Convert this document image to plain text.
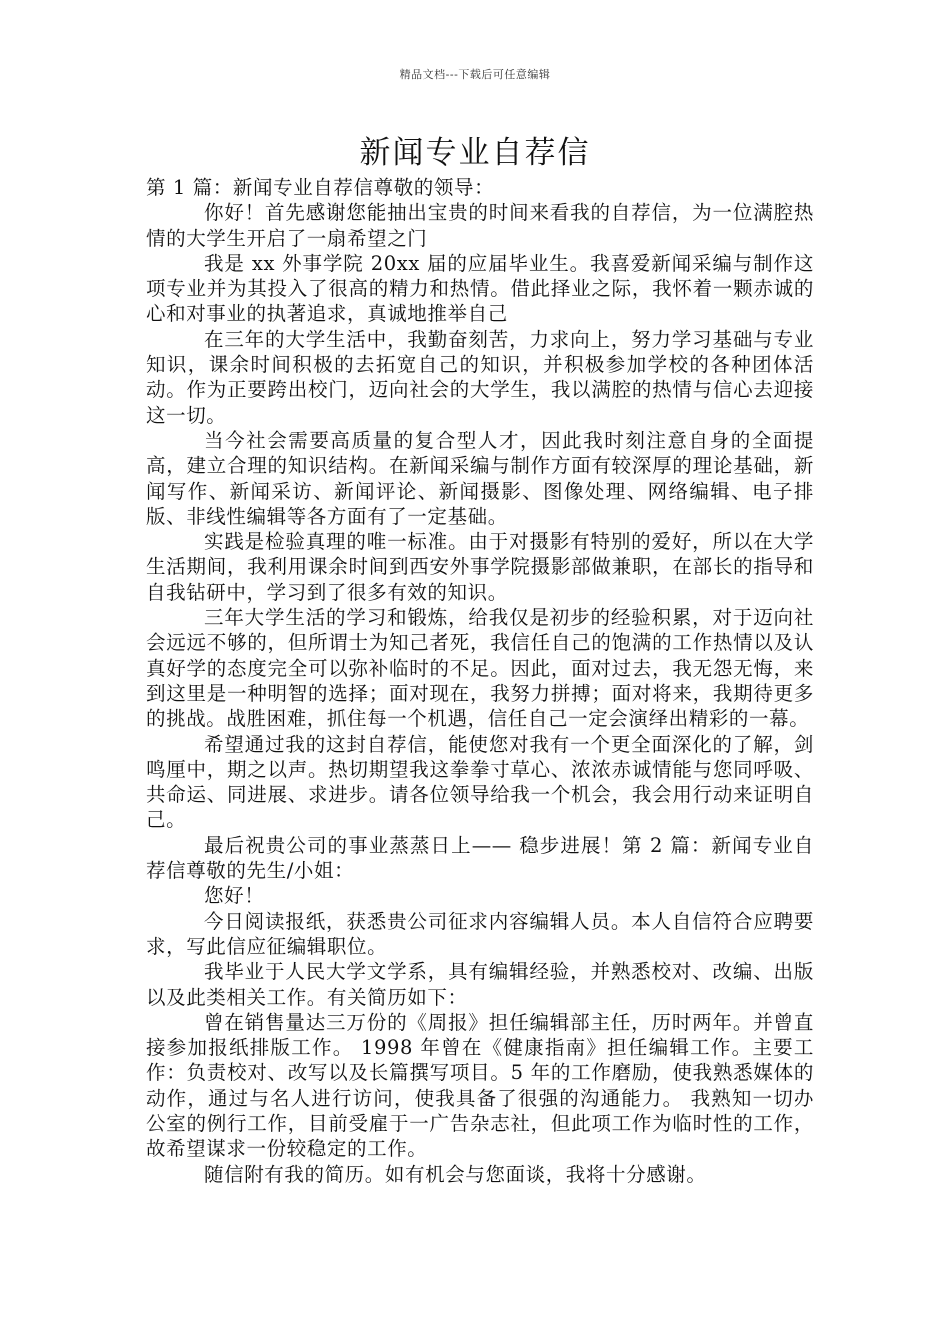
精品文档---下载后可任意编辑
新闻专业自荐信

第 1 篇：新闻专业自荐信尊敬的领导：

你好！首先感谢您能抽出宝贵的时间来看我的自荐信，为一位满腔热情的大学生开启了一扇希望之门

我是 xx 外事学院 20xx 届的应届毕业生。我喜爱新闻采编与制作这项专业并为其投入了很高的精力和热情。借此择业之际，我怀着一颗赤诚的心和对事业的执著追求，真诚地推举自己

在三年的大学生活中，我勤奋刻苦，力求向上，努力学习基础与专业知识，课余时间积极的去拓宽自己的知识，并积极参加学校的各种团体活动。作为正要跨出校门，迈向社会的大学生，我以满腔的热情与信心去迎接这一切。

当今社会需要高质量的复合型人才，因此我时刻注意自身的全面提高，建立合理的知识结构。在新闻采编与制作方面有较深厚的理论基础，新闻写作、新闻采访、新闻评论、新闻摄影、图像处理、网络编辑、电子排版、非线性编辑等各方面有了一定基础。

实践是检验真理的唯一标准。由于对摄影有特别的爱好，所以在大学生活期间，我利用课余时间到西安外事学院摄影部做兼职，在部长的指导和自我钻研中，学习到了很多有效的知识。

三年大学生活的学习和锻炼，给我仅是初步的经验积累，对于迈向社会远远不够的，但所谓士为知己者死，我信任自己的饱满的工作热情以及认真好学的态度完全可以弥补临时的不足。因此，面对过去，我无怨无悔，来到这里是一种明智的选择；面对现在，我努力拼搏；面对将来，我期待更多的挑战。战胜困难，抓住每一个机遇，信任自己一定会演绎出精彩的一幕。

希望通过我的这封自荐信，能使您对我有一个更全面深化的了解，剑鸣厘中，期之以声。热切期望我这拳拳寸草心、浓浓赤诚情能与您同呼吸、共命运、同进展、求进步。请各位领导给我一个机会，我会用行动来证明自己。

最后祝贵公司的事业蒸蒸日上—— 稳步进展！第 2 篇：新闻专业自荐信尊敬的先生/小姐：

您好！

今日阅读报纸，获悉贵公司征求内容编辑人员。本人自信符合应聘要求，写此信应征编辑职位。

我毕业于人民大学文学系，具有编辑经验，并熟悉校对、改编、出版以及此类相关工作。有关简历如下：

曾在销售量达三万份的《周报》担任编辑部主任，历时两年。并曾直接参加报纸排版工作。 1998 年曾在《健康指南》担任编辑工作。主要工作：负责校对、改写以及长篇撰写项目。5 年的工作磨励，使我熟悉媒体的动作，通过与名人进行访问，使我具备了很强的沟通能力。 我熟知一切办公室的例行工作，目前受雇于一广告杂志社，但此项工作为临时性的工作，故希望谋求一份较稳定的工作。

随信附有我的简历。如有机会与您面谈，我将十分感谢。
